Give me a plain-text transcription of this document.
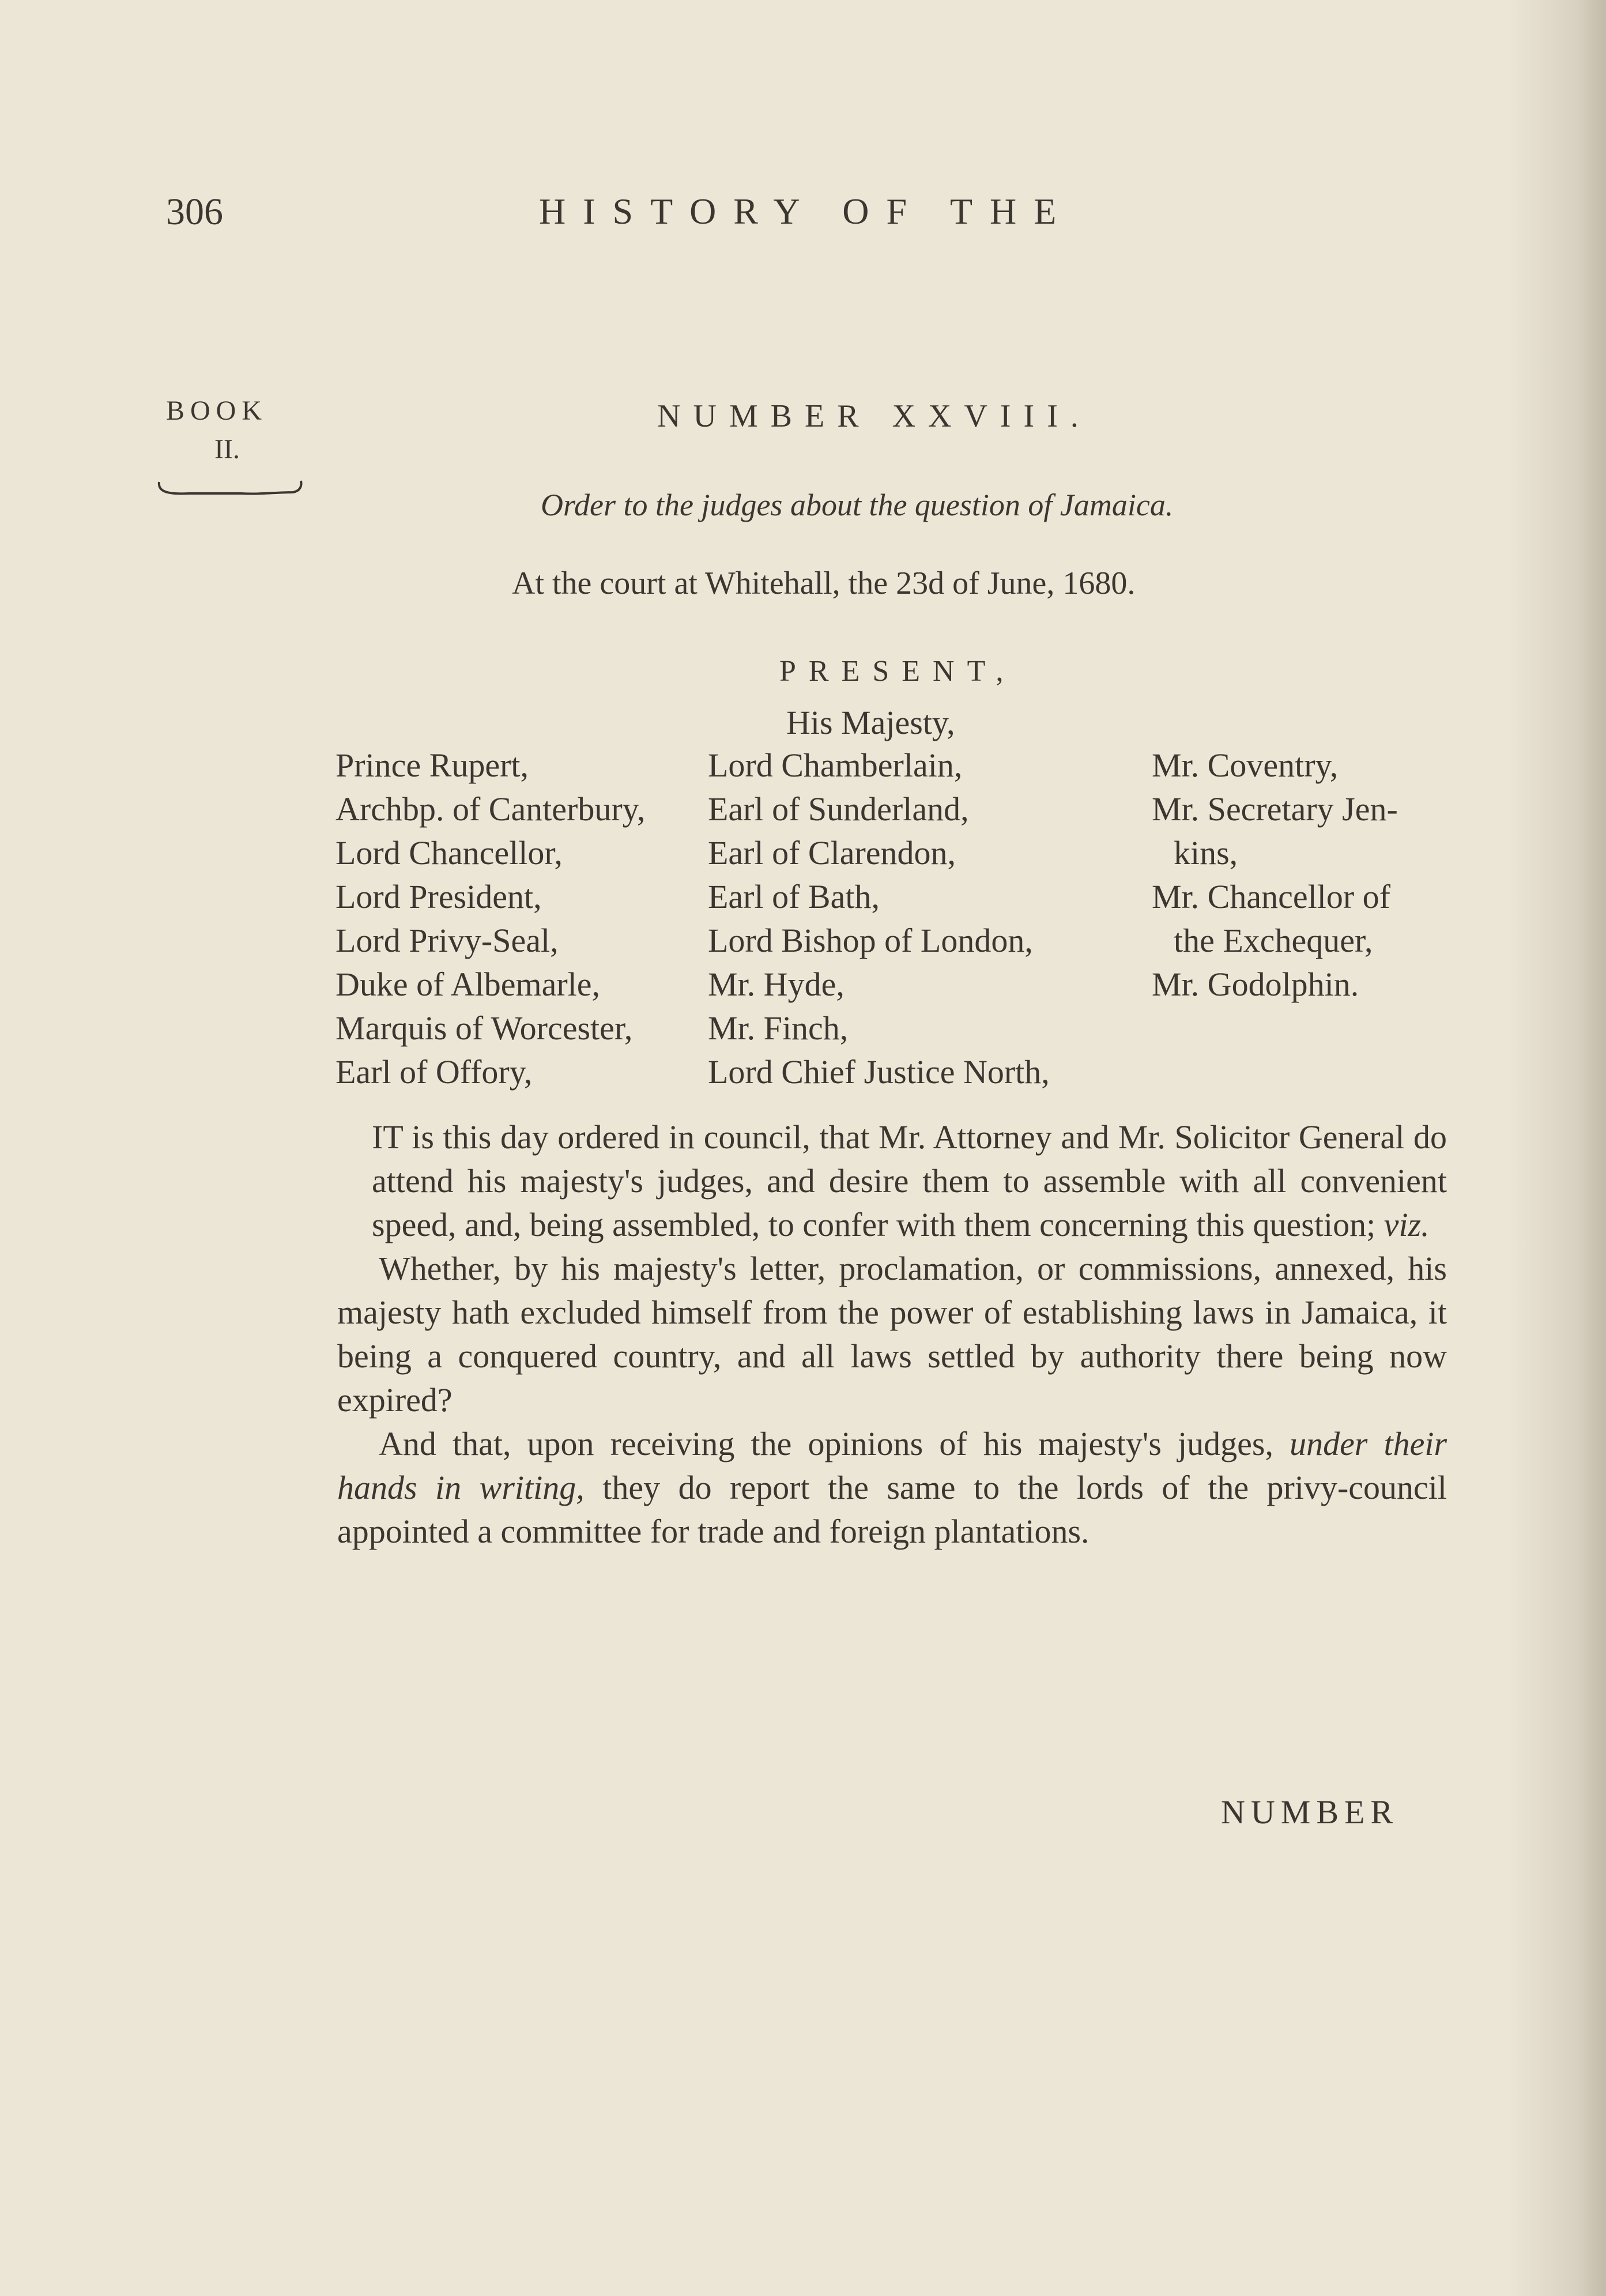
306	HISTORY OF THE
BOOK
II.
NUMBER XXVIII.
Order to the judges about the question of Jamaica.
At the court at Whitehall, the 23d of June, 1680.
PRESENT,
His Majesty,
Prince Rupert,
Archbp. of Canterbury,
Lord Chancellor,
Lord President,
Lord Privy-Seal,
Duke of Albemarle,
Marquis of Worcester,
Earl of Offory,
Lord Chamberlain,
Earl of Sunderland,
Earl of Clarendon,
Earl of Bath,
Lord Bishop of London,
Mr. Hyde,
Mr. Finch,
Lord Chief Justice North,
Mr. Coventry,
Mr. Secretary Jen-
kins,
Mr. Chancellor of
the Exchequer,
Mr. Godolphin.

IT is this day ordered in council, that Mr. Attorney and Mr. Solicitor General do attend his majesty's judges, and desire them to assemble with all convenient speed, and, being assembled, to confer with them concerning this question; viz.

Whether, by his majesty's letter, proclamation, or commissions, annexed, his majesty hath excluded himself from the power of establishing laws in Jamaica, it being a conquered country, and all laws settled by authority there being now expired?

And that, upon receiving the opinions of his majesty's judges, under their hands in writing, they do report the same to the lords of the privy-council appointed a committee for trade and foreign plantations.

NUMBER
